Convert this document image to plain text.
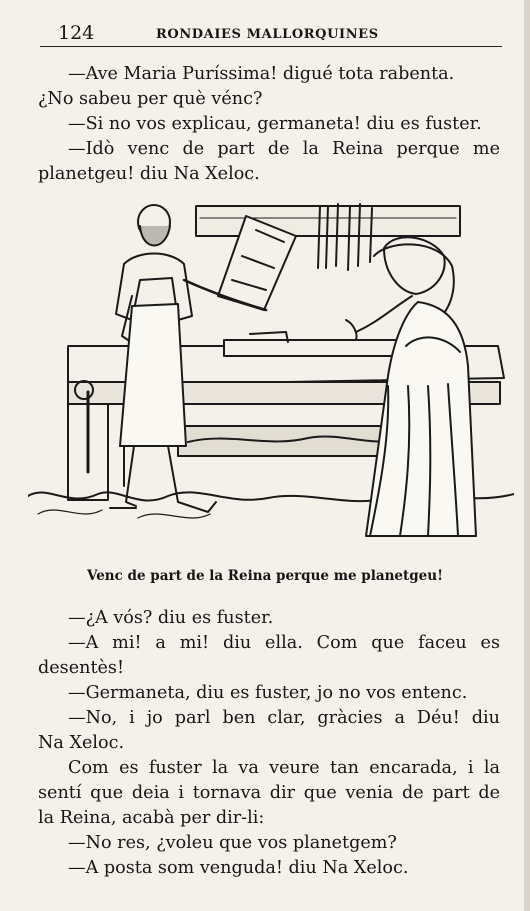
124	RONDAIES MALLORQUINES
—Ave Maria Puríssima! digué tota rabenta.
¿No sabeu per què vénc?
—Si no vos explicau, germaneta! diu es fuster.
—Idò venc de part de la Reina perque me
planetgeu! diu Na Xeloc.
Venc de part de la Reina perque me planetgeu!
—¿A vós? diu es fuster.
—A mi! a mi! diu ella. Com que faceu es
desentès!
—Germaneta, diu es fuster, jo no vos entenc.
—No, i jo parl ben clar, gràcies a Déu! diu
Na Xeloc.
Com es fuster la va veure tan encarada, i la
sentí que deia i tornava dir que venia de part de
la Reina, acabà per dir-li:
—No res, ¿voleu que vos planetgem?
—A posta som venguda! diu Na Xeloc.
